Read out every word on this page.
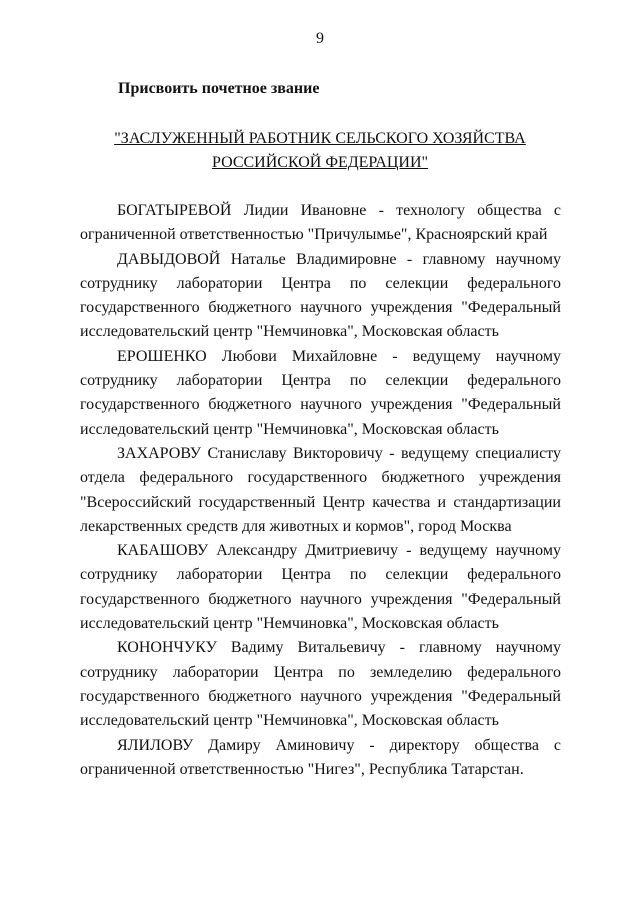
9
Присвоить почетное звание
"ЗАСЛУЖЕННЫЙ РАБОТНИК СЕЛЬСКОГО ХОЗЯЙСТВА
РОССИЙСКОЙ ФЕДЕРАЦИИ"

БОГАТЫРЕВОЙ Лидии Ивановне - технологу общества с ограниченной ответственностью "Причулымье", Красноярский край

ДАВЫДОВОЙ Наталье Владимировне - главному научному сотруднику лаборатории Центра по селекции федерального государственного бюджетного научного учреждения "Федеральный исследовательский центр "Немчиновка", Московская область

ЕРОШЕНКО Любови Михайловне - ведущему научному сотруднику лаборатории Центра по селекции федерального государственного бюджетного научного учреждения "Федеральный исследовательский центр "Немчиновка", Московская область

ЗАХАРОВУ Станиславу Викторовичу - ведущему специалисту отдела федерального государственного бюджетного учреждения "Всероссийский государственный Центр качества и стандартизации лекарственных средств для животных и кормов", город Москва

КАБАШОВУ Александру Дмитриевичу - ведущему научному сотруднику лаборатории Центра по селекции федерального государственного бюджетного научного учреждения "Федеральный исследовательский центр "Немчиновка", Московская область

КОНОНЧУКУ Вадиму Витальевичу - главному научному сотруднику лаборатории Центра по земледелию федерального государственного бюджетного научного учреждения "Федеральный исследовательский центр "Немчиновка", Московская область

ЯЛИЛОВУ Дамиру Аминовичу - директору общества с ограниченной ответственностью "Нигез", Республика Татарстан.
